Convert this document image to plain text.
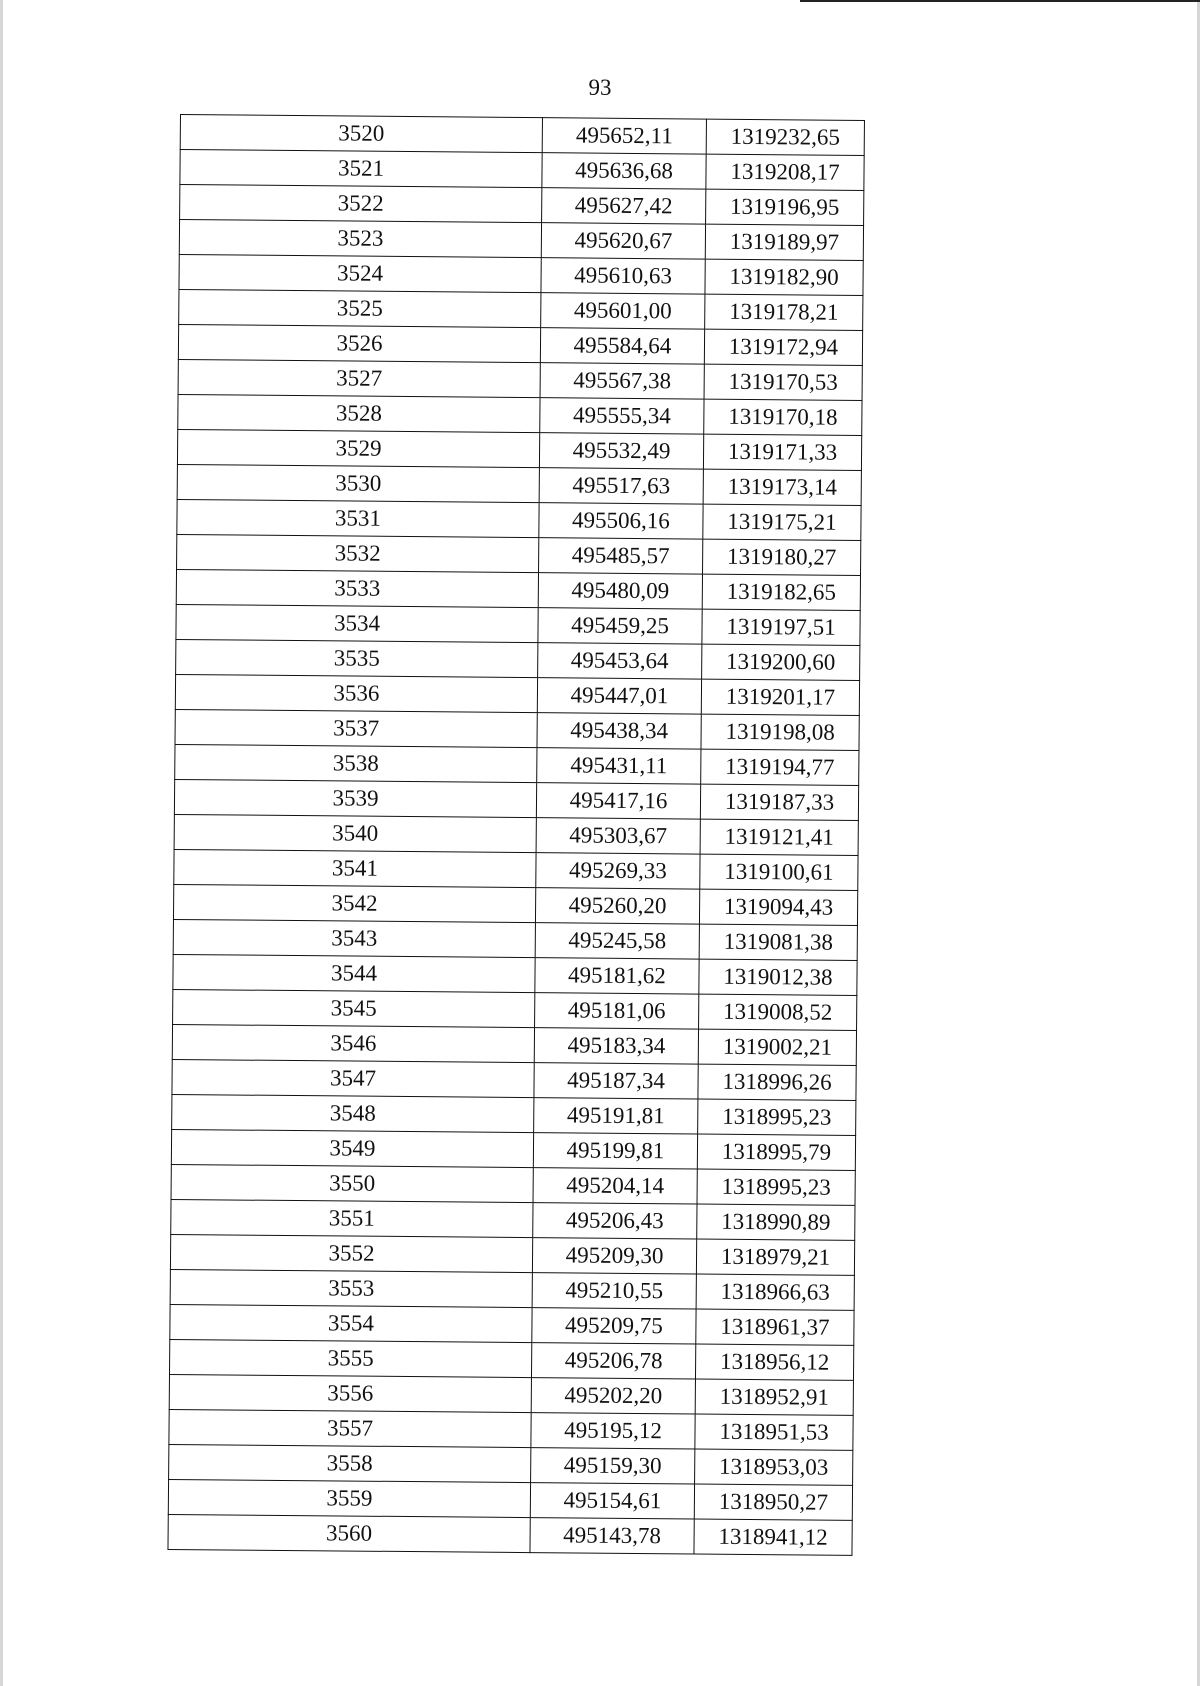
93
3520	495652,11	1319232,65
3521	495636,68	1319208,17
3522	495627,42	1319196,95
3523	495620,67	1319189,97
3524	495610,63	1319182,90
3525	495601,00	1319178,21
3526	495584,64	1319172,94
3527	495567,38	1319170,53
3528	495555,34	1319170,18
3529	495532,49	1319171,33
3530	495517,63	1319173,14
3531	495506,16	1319175,21
3532	495485,57	1319180,27
3533	495480,09	1319182,65
3534	495459,25	1319197,51
3535	495453,64	1319200,60
3536	495447,01	1319201,17
3537	495438,34	1319198,08
3538	495431,11	1319194,77
3539	495417,16	1319187,33
3540	495303,67	1319121,41
3541	495269,33	1319100,61
3542	495260,20	1319094,43
3543	495245,58	1319081,38
3544	495181,62	1319012,38
3545	495181,06	1319008,52
3546	495183,34	1319002,21
3547	495187,34	1318996,26
3548	495191,81	1318995,23
3549	495199,81	1318995,79
3550	495204,14	1318995,23
3551	495206,43	1318990,89
3552	495209,30	1318979,21
3553	495210,55	1318966,63
3554	495209,75	1318961,37
3555	495206,78	1318956,12
3556	495202,20	1318952,91
3557	495195,12	1318951,53
3558	495159,30	1318953,03
3559	495154,61	1318950,27
3560	495143,78	1318941,12
